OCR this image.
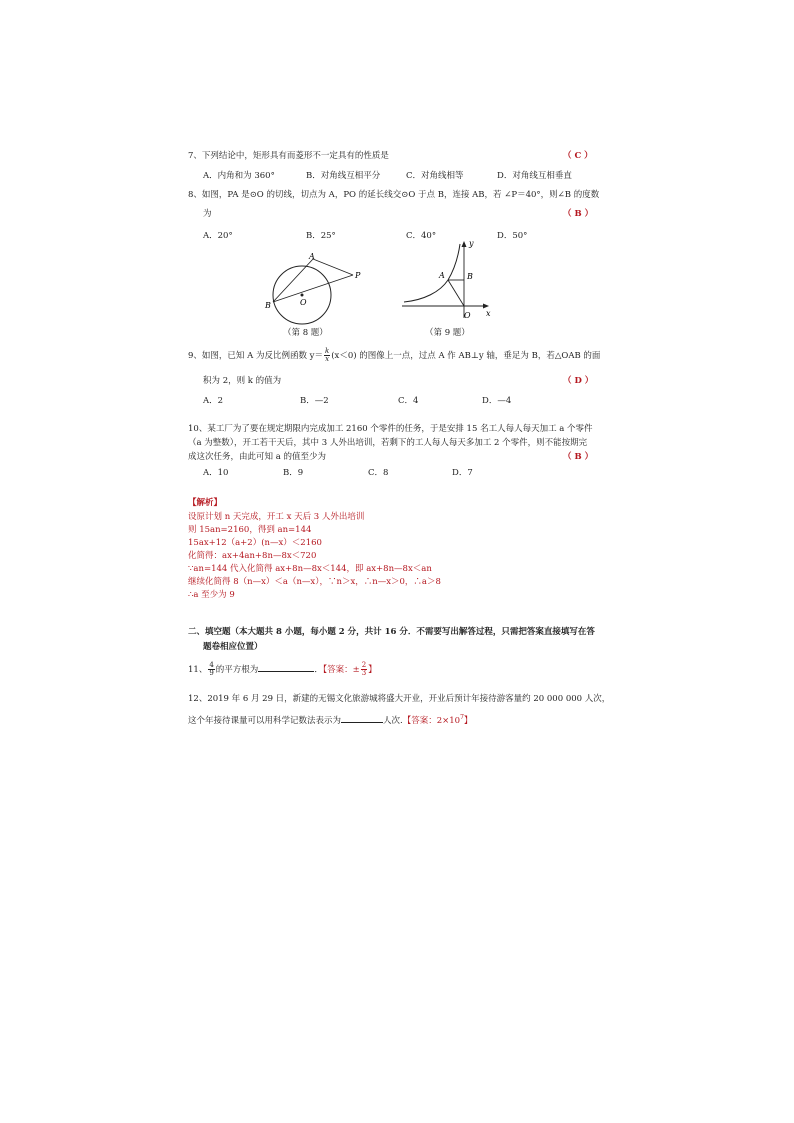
7、下列结论中，矩形具有而菱形不一定具有的性质是	（ C ）
A．内角和为 360°	B．对角线互相平分	C．对角线相等	D．对角线互相垂直
8、如图，PA 是⊙O 的切线，切点为 A，PO 的延长线交⊙O 于点 B，连接 AB，若 ∠P＝40°，则∠B 的度数
为	（ B ）
A．20°	B．25°	C．40°	D．50°
A
P
B	O
（第 8 题）
y
A	B
O x
（第 9 题）
9、如图，已知 A 为反比例函数 $y= \frac{k}{x} (x<0)$ 的图像上一点，过点 A 作 AB⊥y 轴，垂足为 B，若△OAB 的面
积为 2，则 k 的值为	（ D ）
A．2	B．—2	C．4	D．—4
10、某工厂为了要在规定期限内完成加工 2160 个零件的任务，于是安排 15 名工人每人每天加工 a 个零件
（a 为整数），开工若干天后，其中 3 人外出培训，若剩下的工人每人每天多加工 2 个零件，则不能按期完
成这次任务，由此可知 a 的值至少为	（ B ）
A．10	B．9	C．8	D．7
【解析】
设原计划 n 天完成，开工 x 天后 3 人外出培训
则 15an=2160，得到 an=144
15ax+12（a+2）(n—x）＜2160
化简得：ax+4an+8n—8x＜720
∵an=144 代入化简得 ax+8n—8x＜144，即 ax+8n—8x＜an
继续化简得 8（n—x）＜a（n—x），∵n＞x，∴n—x＞0，∴a＞8
∴a 至少为 9
二、填空题（本大题共 8 小题，每小题 2 分，共计 16 分．不需要写出解答过程，只需把答案直接填写在答
题卷相应位置）
11、 $\frac{4}{9}$ 的平方根为	．【答案：± $\frac{2}{3}$ 】
12、2019 年 6 月 29 日，新建的无锡文化旅游城将盛大开业，开业后预计年接待游客量约 20 000 000 人次，
这个年接待课量可以用科学记数法表示为	人次.【答案：$2\times 10^7$】
